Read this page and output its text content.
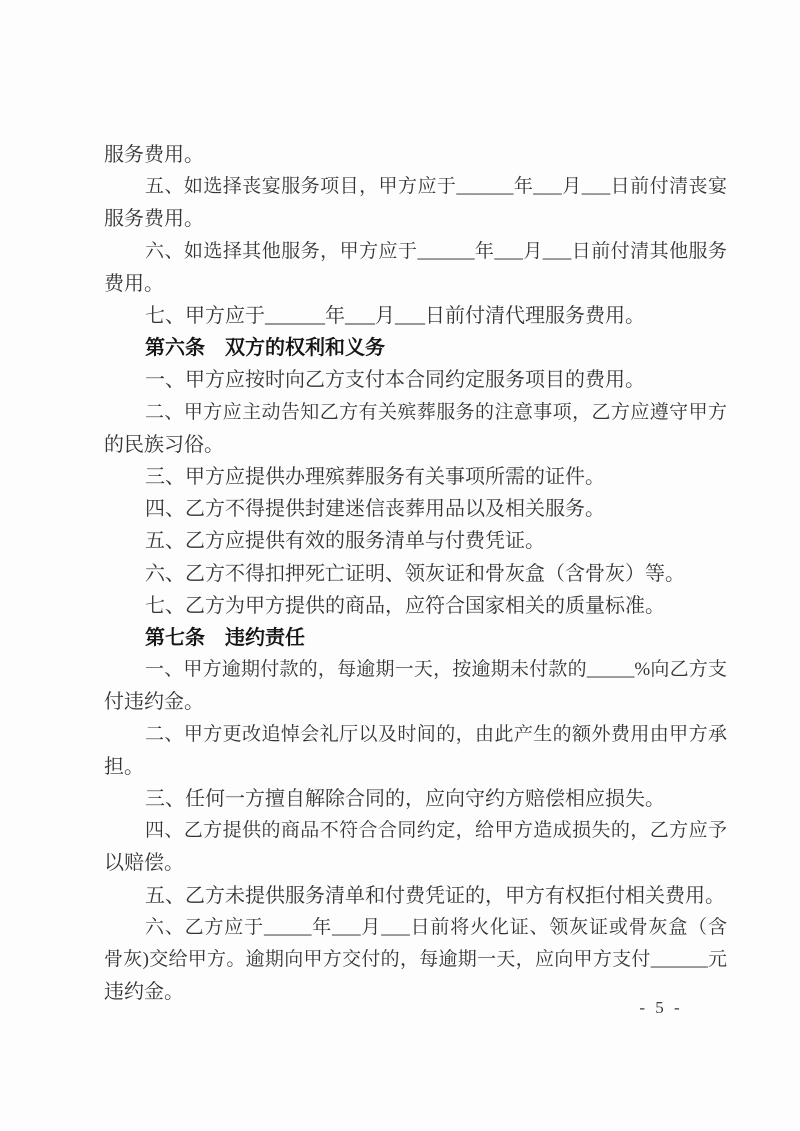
服务费用。
五、如选择丧宴服务项目，甲方应于______年___月___日前付清丧宴
服务费用。
六、如选择其他服务，甲方应于______年___月___日前付清其他服务
费用。
七、甲方应于______年___月___日前付清代理服务费用。
第六条　双方的权利和义务
一、甲方应按时向乙方支付本合同约定服务项目的费用。
二、甲方应主动告知乙方有关殡葬服务的注意事项，乙方应遵守甲方
的民族习俗。
三、甲方应提供办理殡葬服务有关事项所需的证件。
四、乙方不得提供封建迷信丧葬用品以及相关服务。
五、乙方应提供有效的服务清单与付费凭证。
六、乙方不得扣押死亡证明、领灰证和骨灰盒（含骨灰）等。
七、乙方为甲方提供的商品，应符合国家相关的质量标准。
第七条　违约责任
一、甲方逾期付款的，每逾期一天，按逾期未付款的_____%向乙方支
付违约金。
二、甲方更改追悼会礼厅以及时间的，由此产生的额外费用由甲方承
担。
三、任何一方擅自解除合同的，应向守约方赔偿相应损失。
四、乙方提供的商品不符合合同约定，给甲方造成损失的，乙方应予
以赔偿。
五、乙方未提供服务清单和付费凭证的，甲方有权拒付相关费用。
六、乙方应于_____年___月___日前将火化证、领灰证或骨灰盒（含
骨灰)交给甲方。逾期向甲方交付的，每逾期一天，应向甲方支付______元
违约金。
- 5 -
